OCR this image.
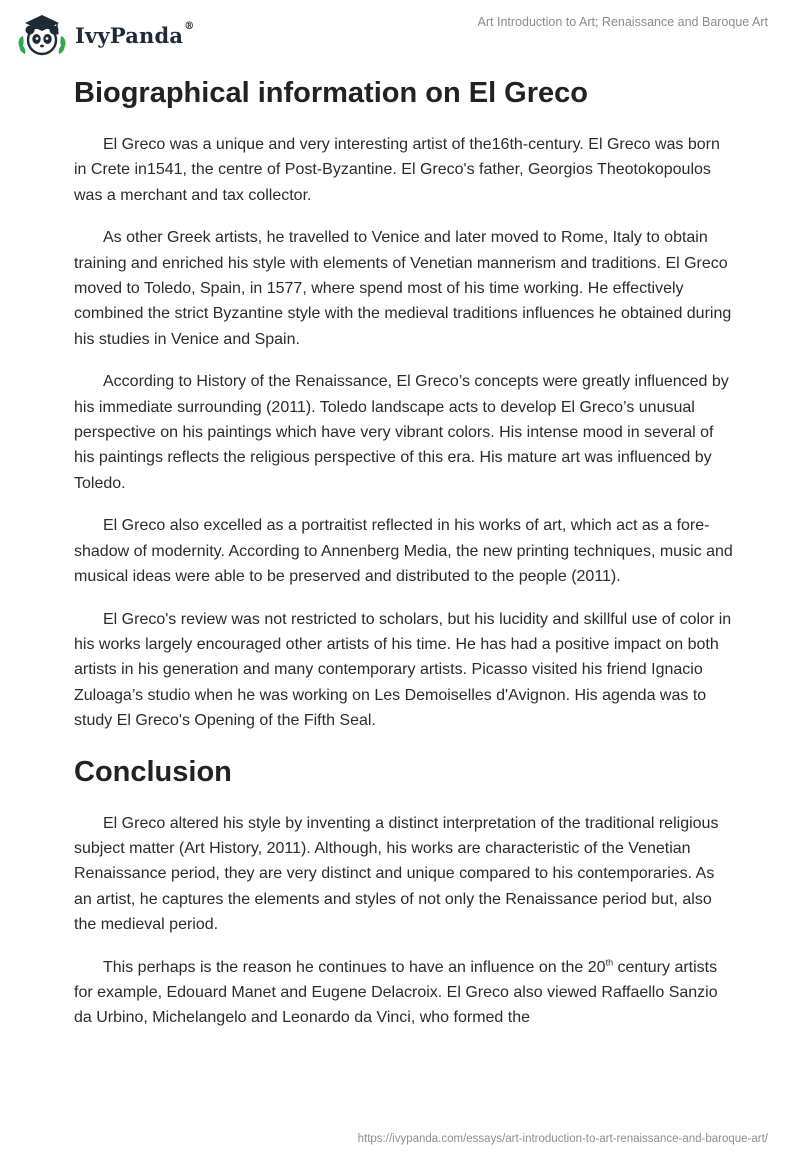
IvyPanda®	Art Introduction to Art; Renaissance and Baroque Art
Biographical information on El Greco

El Greco was a unique and very interesting artist of the16th-century. El Greco was born in Crete in1541, the centre of Post-Byzantine. El Greco's father, Georgios Theotokopoulos was a merchant and tax collector.

As other Greek artists, he travelled to Venice and later moved to Rome, Italy to obtain training and enriched his style with elements of Venetian mannerism and traditions. El Greco moved to Toledo, Spain, in 1577, where spend most of his time working. He effectively combined the strict Byzantine style with the medieval traditions influences he obtained during his studies in Venice and Spain.

According to History of the Renaissance, El Greco’s concepts were greatly influenced by his immediate surrounding (2011). Toledo landscape acts to develop El Greco’s unusual perspective on his paintings which have very vibrant colors. His intense mood in several of his paintings reflects the religious perspective of this era. His mature art was influenced by Toledo.

El Greco also excelled as a portraitist reflected in his works of art, which act as a fore-shadow of modernity. According to Annenberg Media, the new printing techniques, music and musical ideas were able to be preserved and distributed to the people (2011).

El Greco's review was not restricted to scholars, but his lucidity and skillful use of color in his works largely encouraged other artists of his time. He has had a positive impact on both artists in his generation and many contemporary artists. Picasso visited his friend Ignacio Zuloaga’s studio when he was working on Les Demoiselles d'Avignon. His agenda was to study El Greco's Opening of the Fifth Seal.

Conclusion

El Greco altered his style by inventing a distinct interpretation of the traditional religious subject matter (Art History, 2011). Although, his works are characteristic of the Venetian Renaissance period, they are very distinct and unique compared to his contemporaries. As an artist, he captures the elements and styles of not only the Renaissance period but, also the medieval period.

This perhaps is the reason he continues to have an influence on the 20th century artists for example, Edouard Manet and Eugene Delacroix. El Greco also viewed Raffaello Sanzio da Urbino, Michelangelo and Leonardo da Vinci, who formed the

https://ivypanda.com/essays/art-introduction-to-art-renaissance-and-baroque-art/
